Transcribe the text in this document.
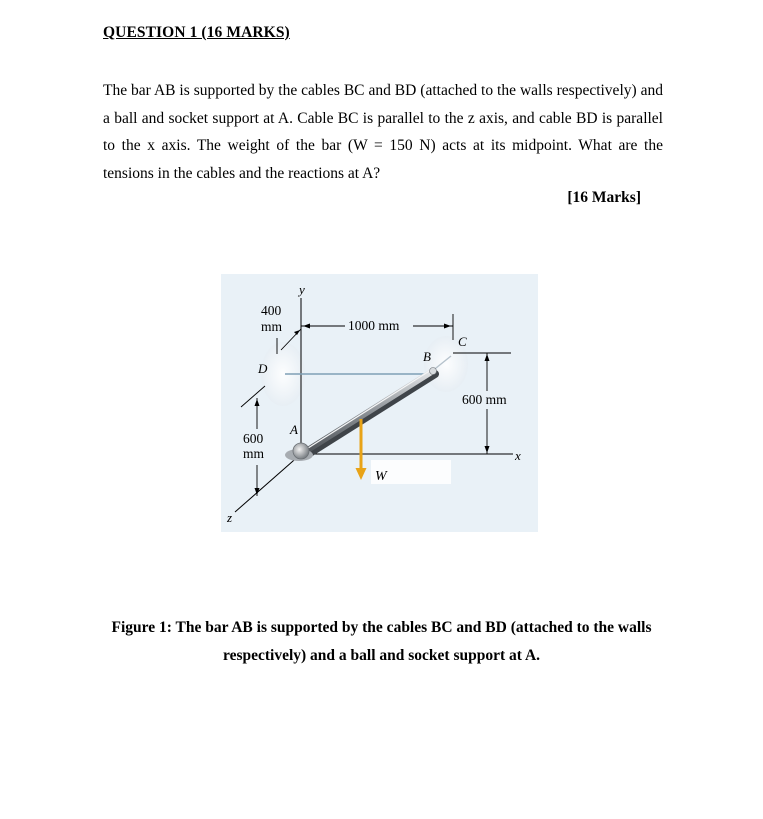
QUESTION 1 (16 MARKS)
The bar AB is supported by the cables BC and BD (attached to the walls respectively) and a ball and socket support at A. Cable BC is parallel to the z axis, and cable BD is parallel to the x axis. The weight of the bar (W = 150 N) acts at its midpoint. What are the tensions in the cables and the reactions at A?
[16 Marks]
y
x
z
400
mm	1000 mm
600 mm
600
mm
A
B
C
D
W
Figure 1: The bar AB is supported by the cables BC and BD (attached to the walls respectively) and a ball and socket support at A.
